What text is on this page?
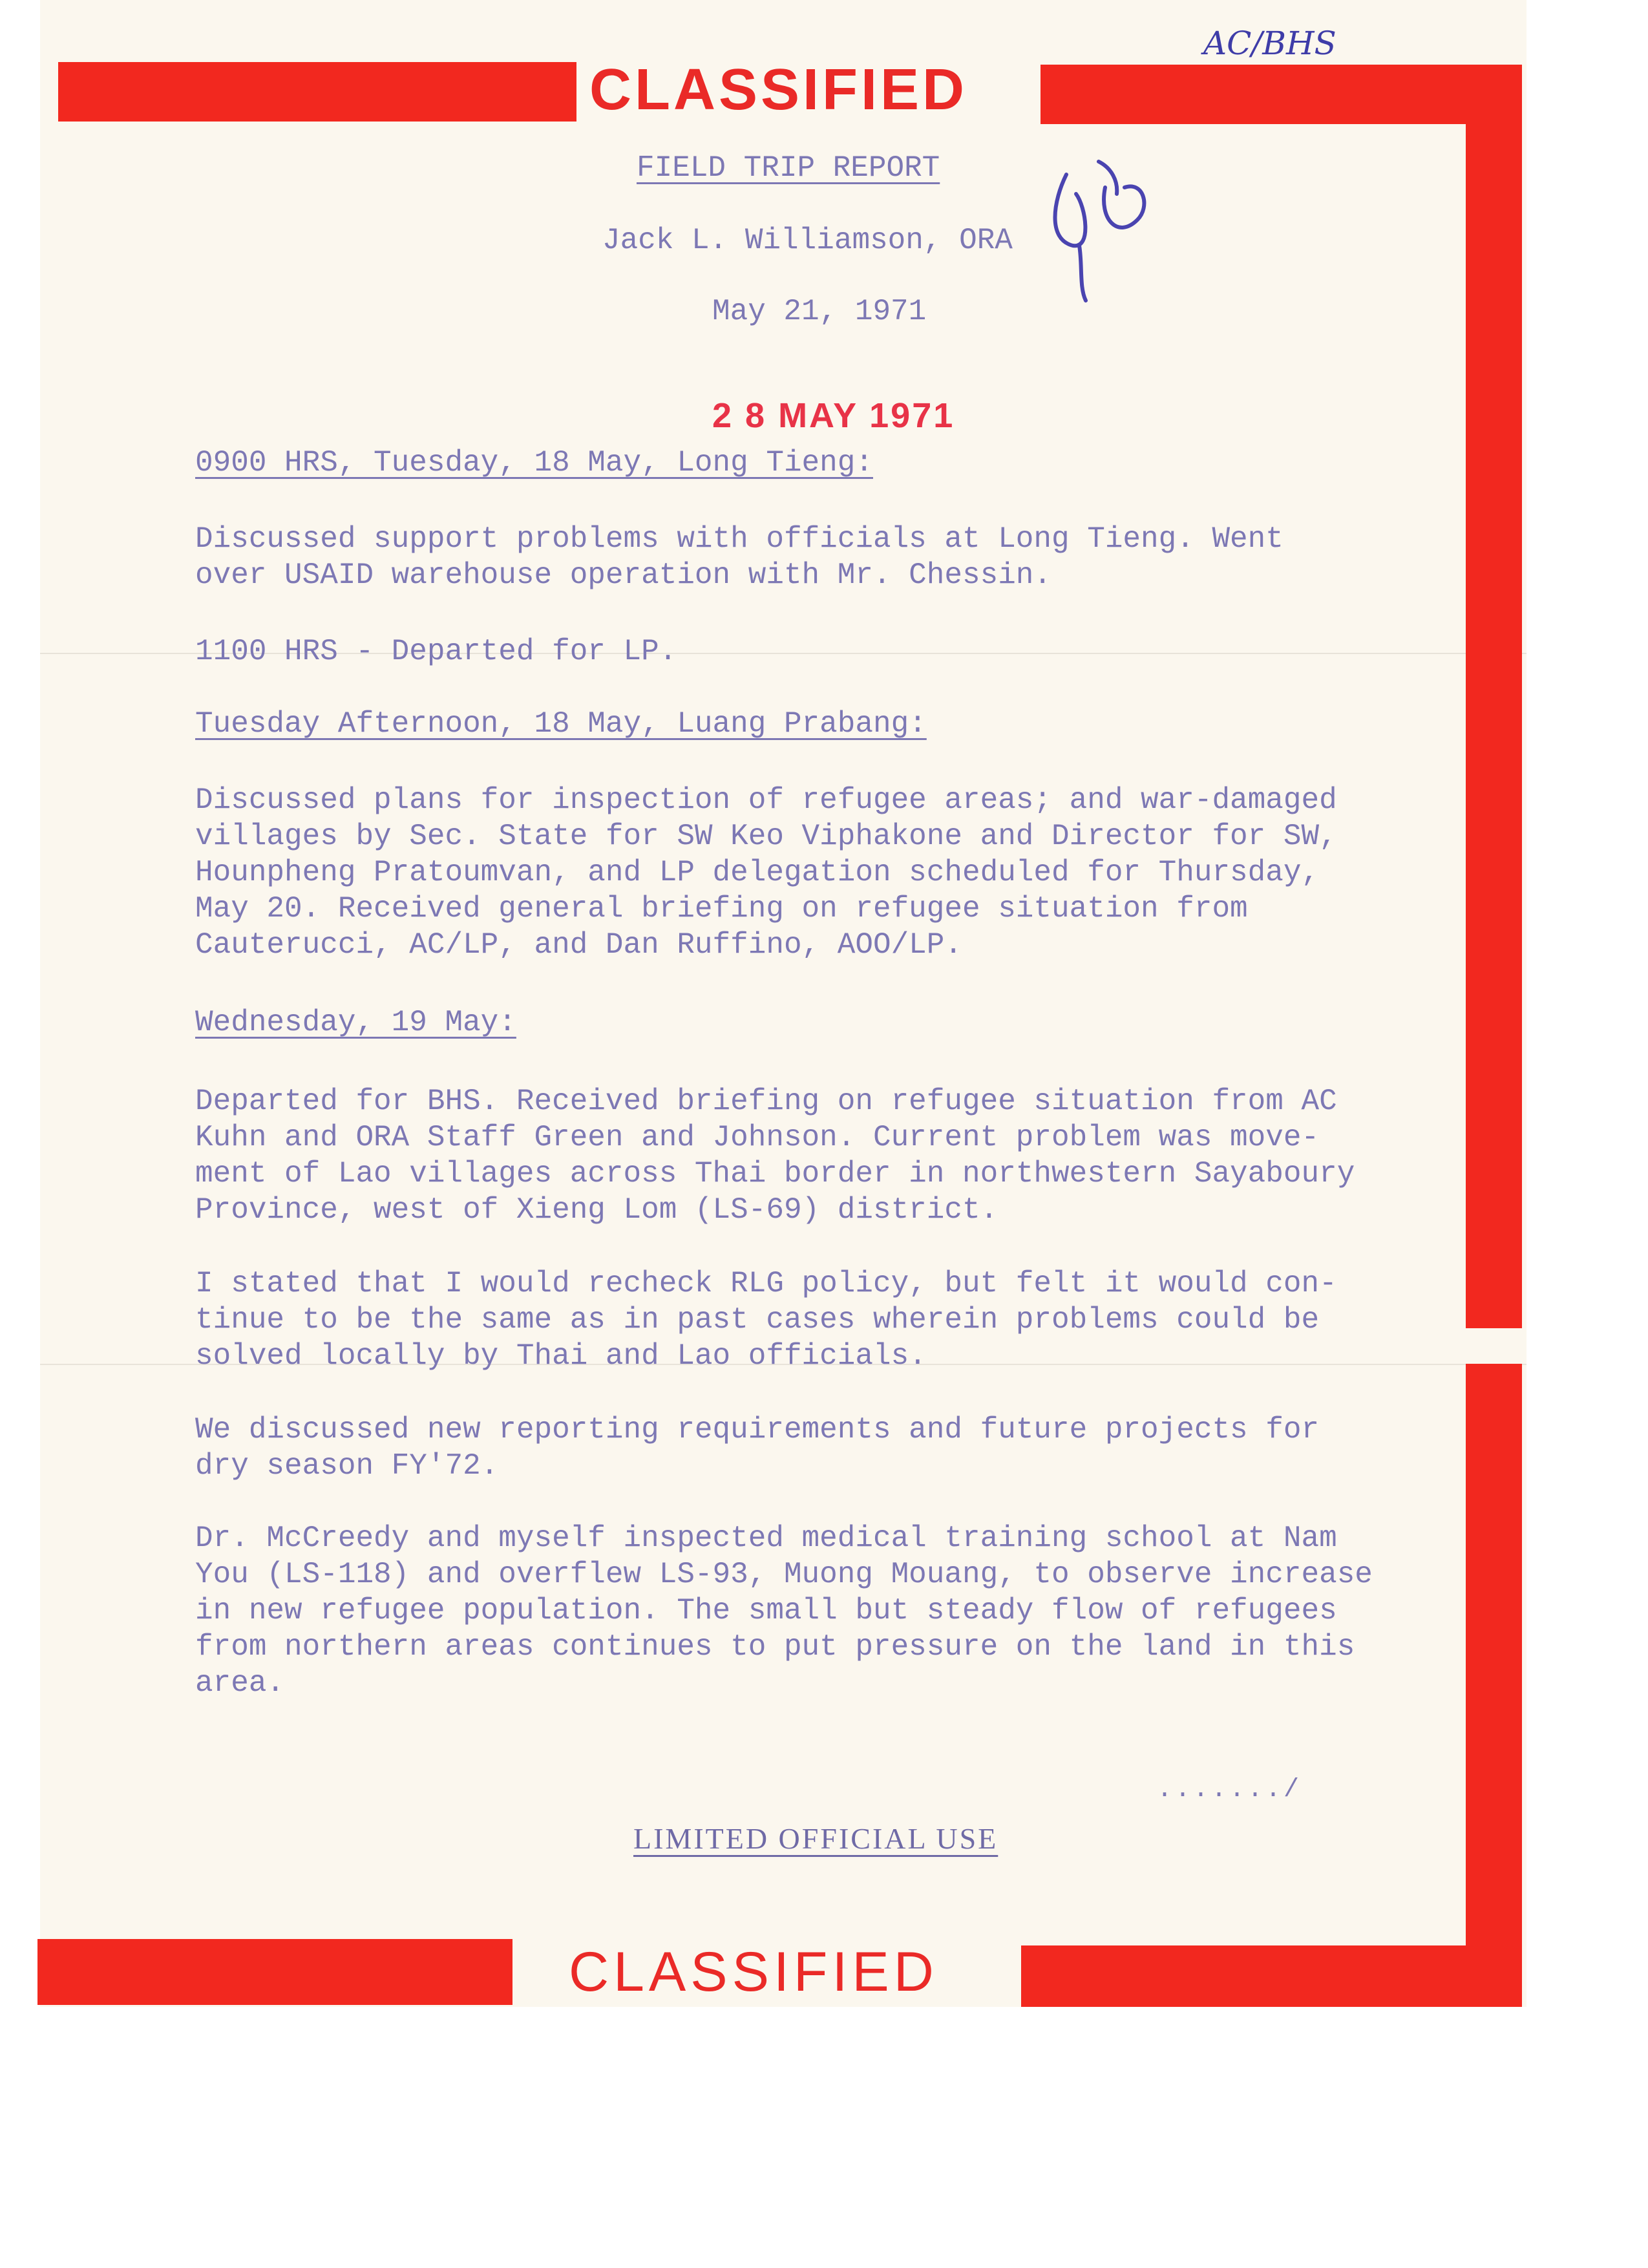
CLASSIFIED
AC/BHS
FIELD TRIP REPORT
Jack L. Williamson, ORA
May 21, 1971
2 8 MAY 1971
0900 HRS, Tuesday, 18 May, Long Tieng:
Discussed support problems with officials at Long Tieng. Went
over USAID warehouse operation with Mr. Chessin.
1100 HRS - Departed for LP.
Tuesday Afternoon, 18 May, Luang Prabang:
Discussed plans for inspection of refugee areas; and war-damaged
villages by Sec. State for SW Keo Viphakone and Director for SW,
Hounpheng Pratoumvan, and LP delegation scheduled for Thursday,
May 20. Received general briefing on refugee situation from
Cauterucci, AC/LP, and Dan Ruffino, AOO/LP.
Wednesday, 19 May:
Departed for BHS. Received briefing on refugee situation from AC
Kuhn and ORA Staff Green and Johnson. Current problem was move-
ment of Lao villages across Thai border in northwestern Sayaboury
Province, west of Xieng Lom (LS-69) district.
I stated that I would recheck RLG policy, but felt it would con-
tinue to be the same as in past cases wherein problems could be
solved locally by Thai and Lao officials.
We discussed new reporting requirements and future projects for
dry season FY'72.
Dr. McCreedy and myself inspected medical training school at Nam
You (LS-118) and overflew LS-93, Muong Mouang, to observe increase
in new refugee population. The small but steady flow of refugees
from northern areas continues to put pressure on the land in this
area.
......./
LIMITED OFFICIAL USE
CLASSIFIED
